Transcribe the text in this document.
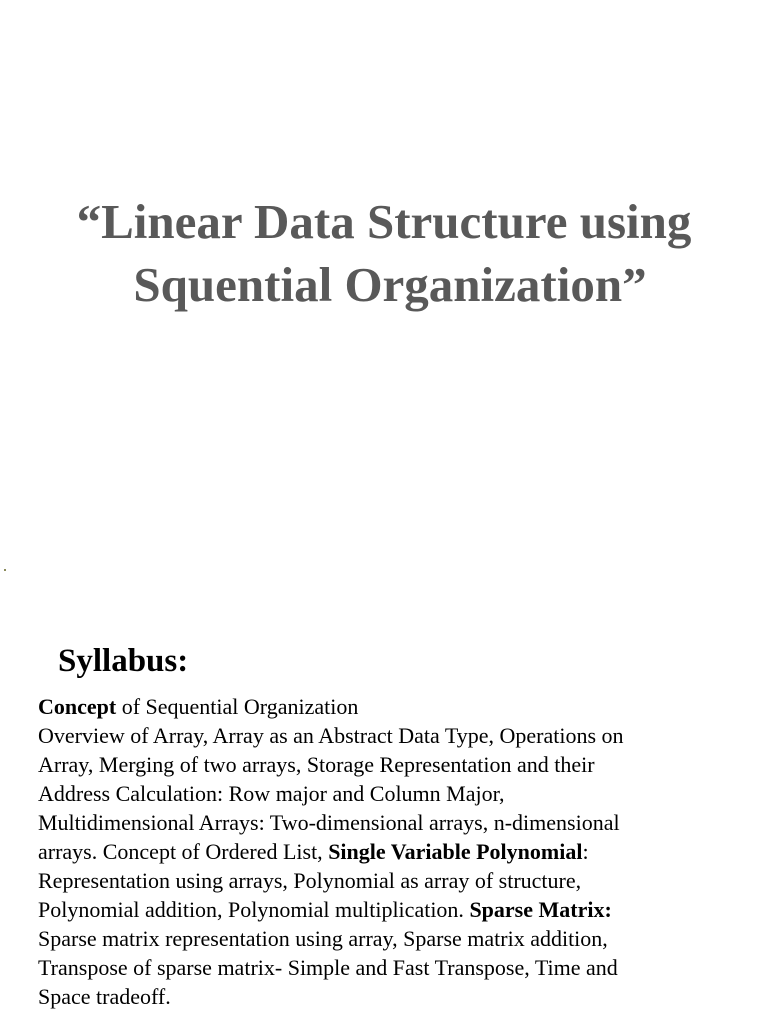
“Linear Data Structure using
Squential Organization”
Syllabus:

Concept of Sequential Organization
Overview of Array, Array as an Abstract Data Type, Operations on
Array, Merging of two arrays, Storage Representation and their
Address Calculation: Row major and Column Major,
Multidimensional Arrays: Two-dimensional arrays, n-dimensional
arrays. Concept of Ordered List, Single Variable Polynomial:
Representation using arrays, Polynomial as array of structure,
Polynomial addition, Polynomial multiplication. Sparse Matrix:
Sparse matrix representation using array, Sparse matrix addition,
Transpose of sparse matrix- Simple and Fast Transpose, Time and
Space tradeoff.
